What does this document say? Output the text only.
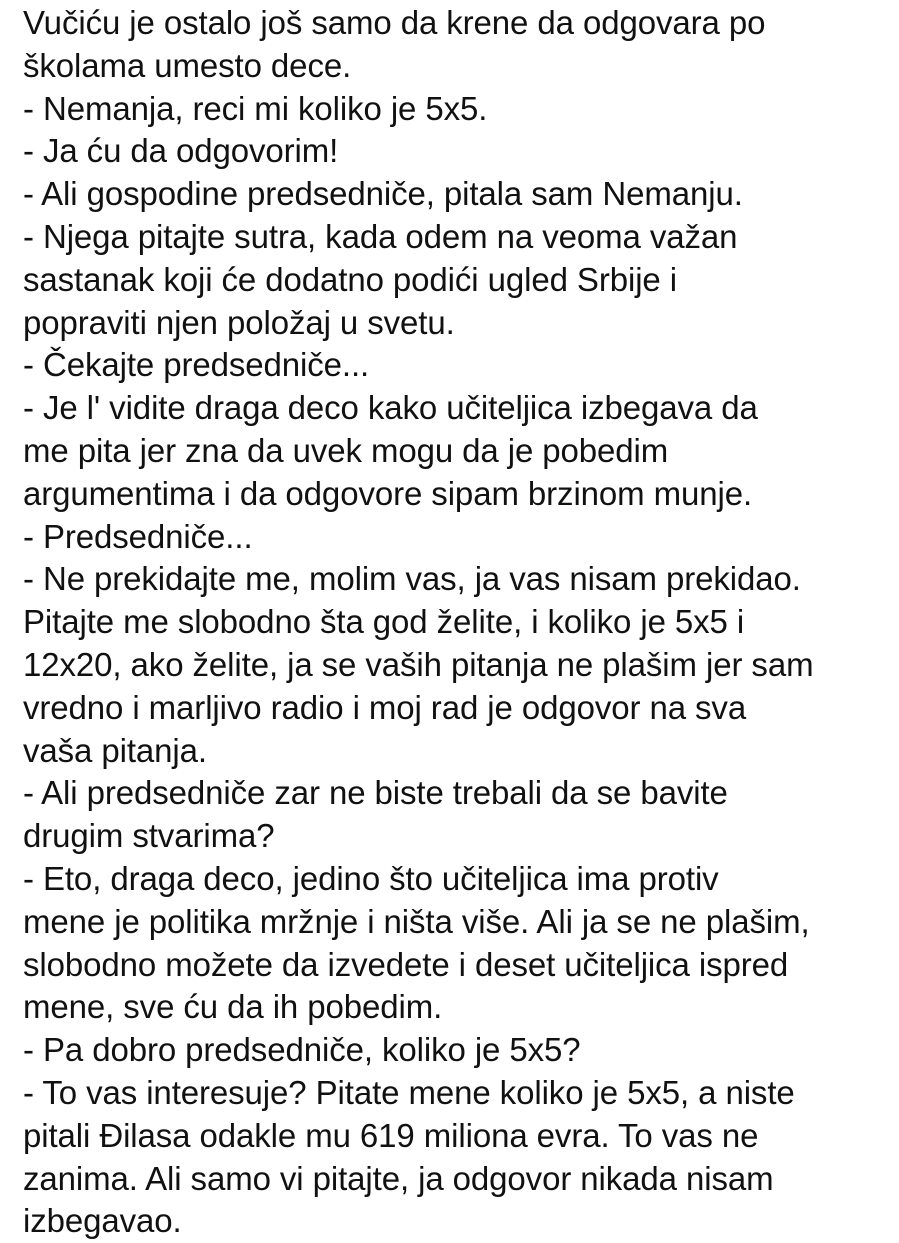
Vučiću je ostalo još samo da krene da odgovara po
školama umesto dece.
- Nemanja, reci mi koliko je 5x5.
- Ja ću da odgovorim!
- Ali gospodine predsedniče, pitala sam Nemanju.
- Njega pitajte sutra, kada odem na veoma važan
sastanak koji će dodatno podići ugled Srbije i
popraviti njen položaj u svetu.
- Čekajte predsedniče...
- Je l' vidite draga deco kako učiteljica izbegava da
me pita jer zna da uvek mogu da je pobedim
argumentima i da odgovore sipam brzinom munje.
- Predsedniče...
- Ne prekidajte me, molim vas, ja vas nisam prekidao.
Pitajte me slobodno šta god želite, i koliko je 5x5 i
12x20, ako želite, ja se vaših pitanja ne plašim jer sam
vredno i marljivo radio i moj rad je odgovor na sva
vaša pitanja.
- Ali predsedniče zar ne biste trebali da se bavite
drugim stvarima?
- Eto, draga deco, jedino što učiteljica ima protiv
mene je politika mržnje i ništa više. Ali ja se ne plašim,
slobodno možete da izvedete i deset učiteljica ispred
mene, sve ću da ih pobedim.
- Pa dobro predsedniče, koliko je 5x5?
- To vas interesuje? Pitate mene koliko je 5x5, a niste
pitali Đilasa odakle mu 619 miliona evra. To vas ne
zanima. Ali samo vi pitajte, ja odgovor nikada nisam
izbegavao.
